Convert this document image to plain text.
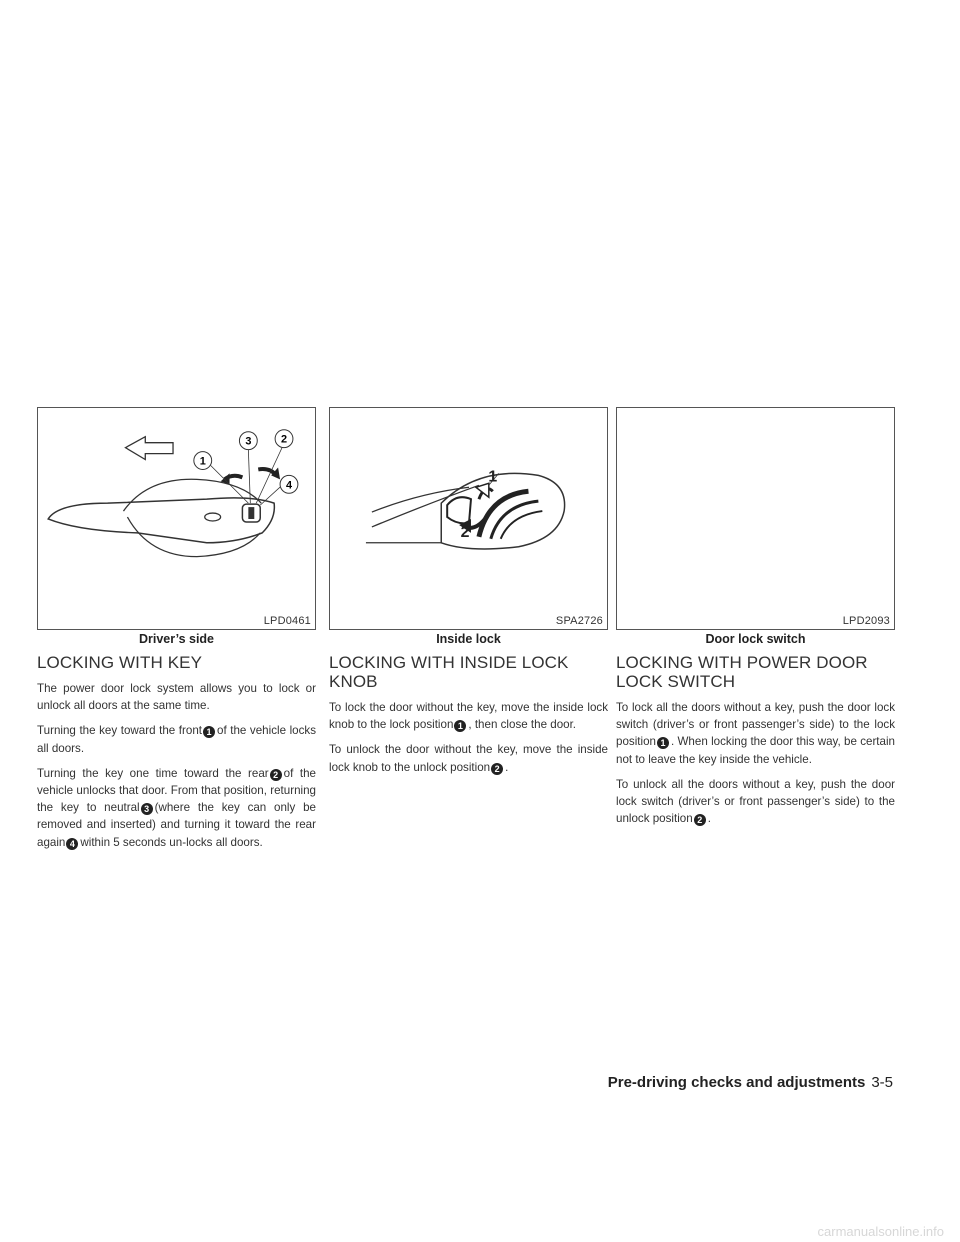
1
3	2
4
LPD0461
Driver’s side
LOCKING WITH KEY

The power door lock system allows you to lock or unlock all doors at the same time.

Turning the key toward the front 1 of the vehicle locks all doors.

Turning the key one time toward the rear 2 of the vehicle unlocks that door. From that position, returning the key to neutral 3 (where the key can only be removed and inserted) and turning it toward the rear again 4 within 5 seconds un-locks all doors.

1
2
SPA2726
Inside lock
LOCKING WITH INSIDE LOCK KNOB

To lock the door without the key, move the inside lock knob to the lock position 1 , then close the door.

To unlock the door without the key, move the inside lock knob to the unlock position 2 .

LPD2093
Door lock switch
LOCKING WITH POWER DOOR LOCK SWITCH

To lock all the doors without a key, push the door lock switch (driver’s or front passenger’s side) to the lock position 1 . When locking the door this way, be certain not to leave the key inside the vehicle.

To unlock all the doors without a key, push the door lock switch (driver’s or front passenger’s side) to the unlock position 2 .

Pre-driving checks and adjustments 3-5
carmanualsonline.info
